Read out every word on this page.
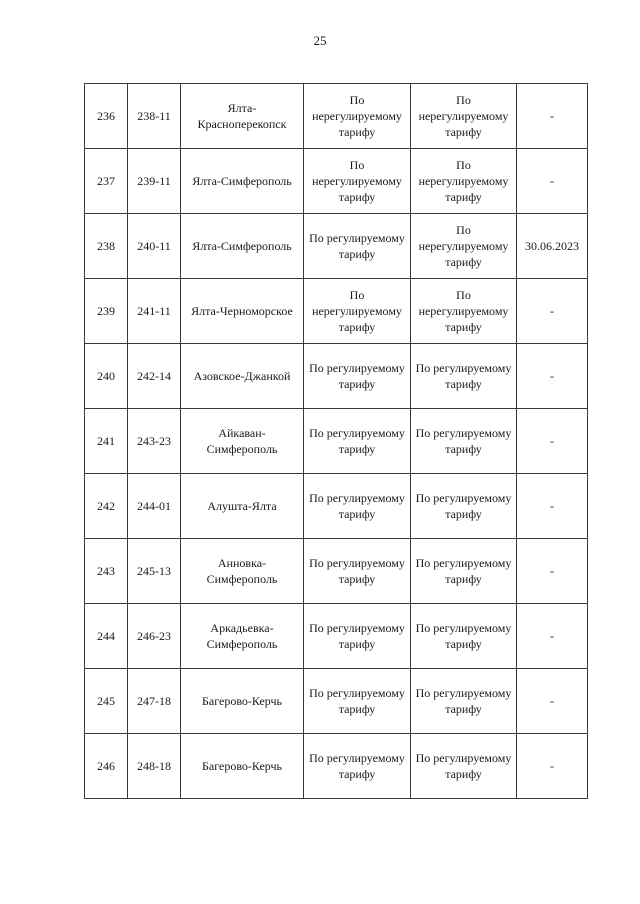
25
236	238-11	Ялта-Красноперекопск	По нерегулируемому тарифу	По нерегулируемому тарифу	-
237	239-11	Ялта-Симферополь	По нерегулируемому тарифу	По нерегулируемому тарифу	-
238	240-11	Ялта-Симферополь	По регулируемому тарифу	По нерегулируемому тарифу	30.06.2023
239	241-11	Ялта-Черноморское	По нерегулируемому тарифу	По нерегулируемому тарифу	-
240	242-14	Азовское-Джанкой	По регулируемому тарифу	По регулируемому тарифу	-
241	243-23	Айкаван-Симферополь	По регулируемому тарифу	По регулируемому тарифу	-
242	244-01	Алушта-Ялта	По регулируемому тарифу	По регулируемому тарифу	-
243	245-13	Анновка-Симферополь	По регулируемому тарифу	По регулируемому тарифу	-
244	246-23	Аркадьевка-Симферополь	По регулируемому тарифу	По регулируемому тарифу	-
245	247-18	Багерово-Керчь	По регулируемому тарифу	По регулируемому тарифу	-
246	248-18	Багерово-Керчь	По регулируемому тарифу	По регулируемому тарифу	-
